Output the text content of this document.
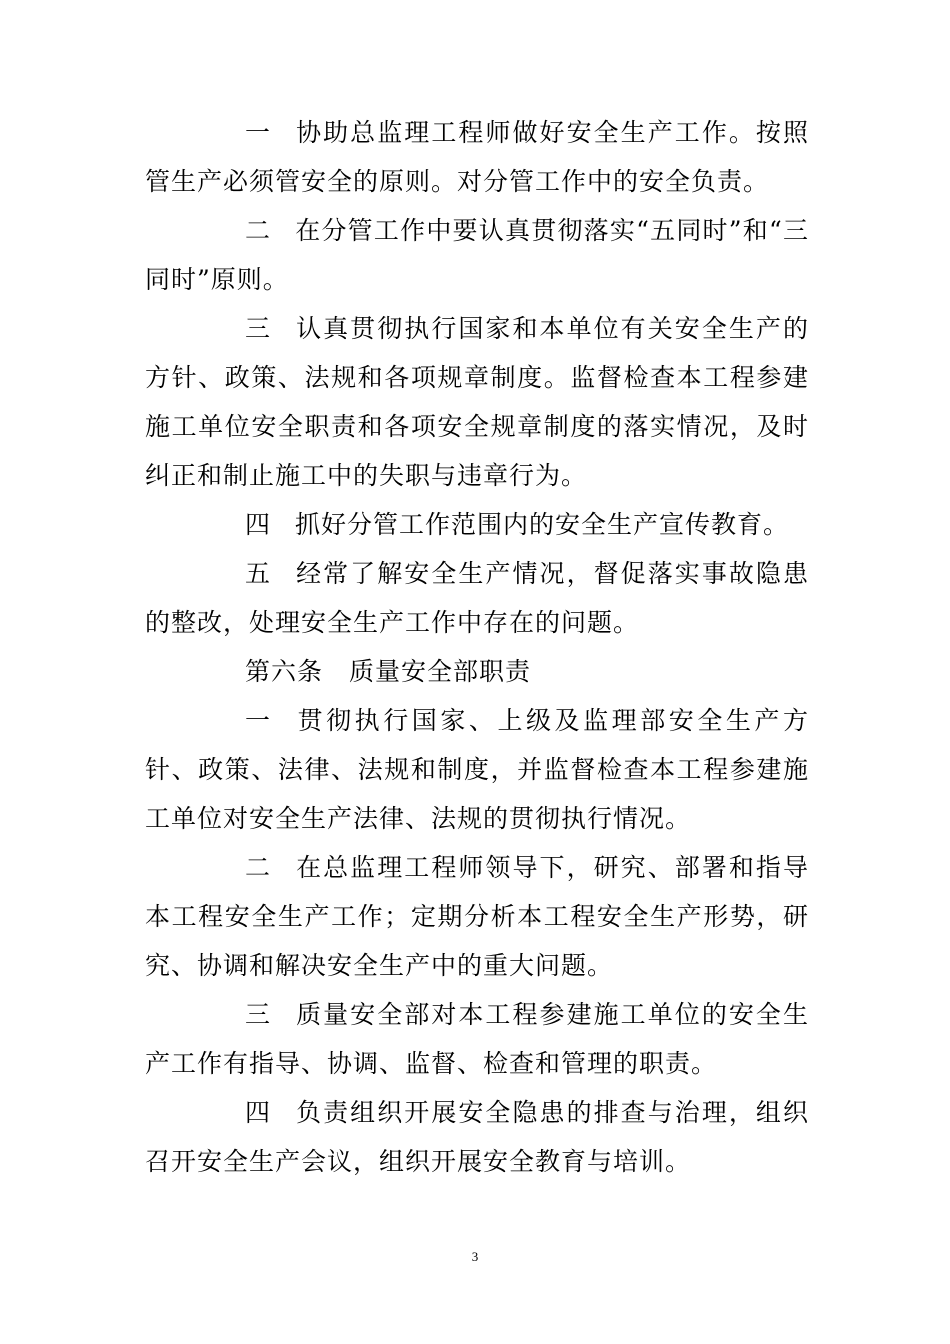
一 协助总监理工程师做好安全生产工作。按照管生产必须管安全的原则。对分管工作中的安全负责。

二 在分管工作中要认真贯彻落实“五同时”和“三同时”原则。

三 认真贯彻执行国家和本单位有关安全生产的方针、政策、法规和各项规章制度。监督检查本工程参建施工单位安全职责和各项安全规章制度的落实情况，及时纠正和制止施工中的失职与违章行为。

四 抓好分管工作范围内的安全生产宣传教育。

五 经常了解安全生产情况，督促落实事故隐患的整改，处理安全生产工作中存在的问题。

第六条 质量安全部职责

一 贯彻执行国家、上级及监理部安全生产方针、政策、法律、法规和制度，并监督检查本工程参建施工单位对安全生产法律、法规的贯彻执行情况。

二 在总监理工程师领导下，研究、部署和指导本工程安全生产工作；定期分析本工程安全生产形势，研究、协调和解决安全生产中的重大问题。

三 质量安全部对本工程参建施工单位的安全生产工作有指导、协调、监督、检查和管理的职责。

四 负责组织开展安全隐患的排查与治理，组织召开安全生产会议，组织开展安全教育与培训。

3
